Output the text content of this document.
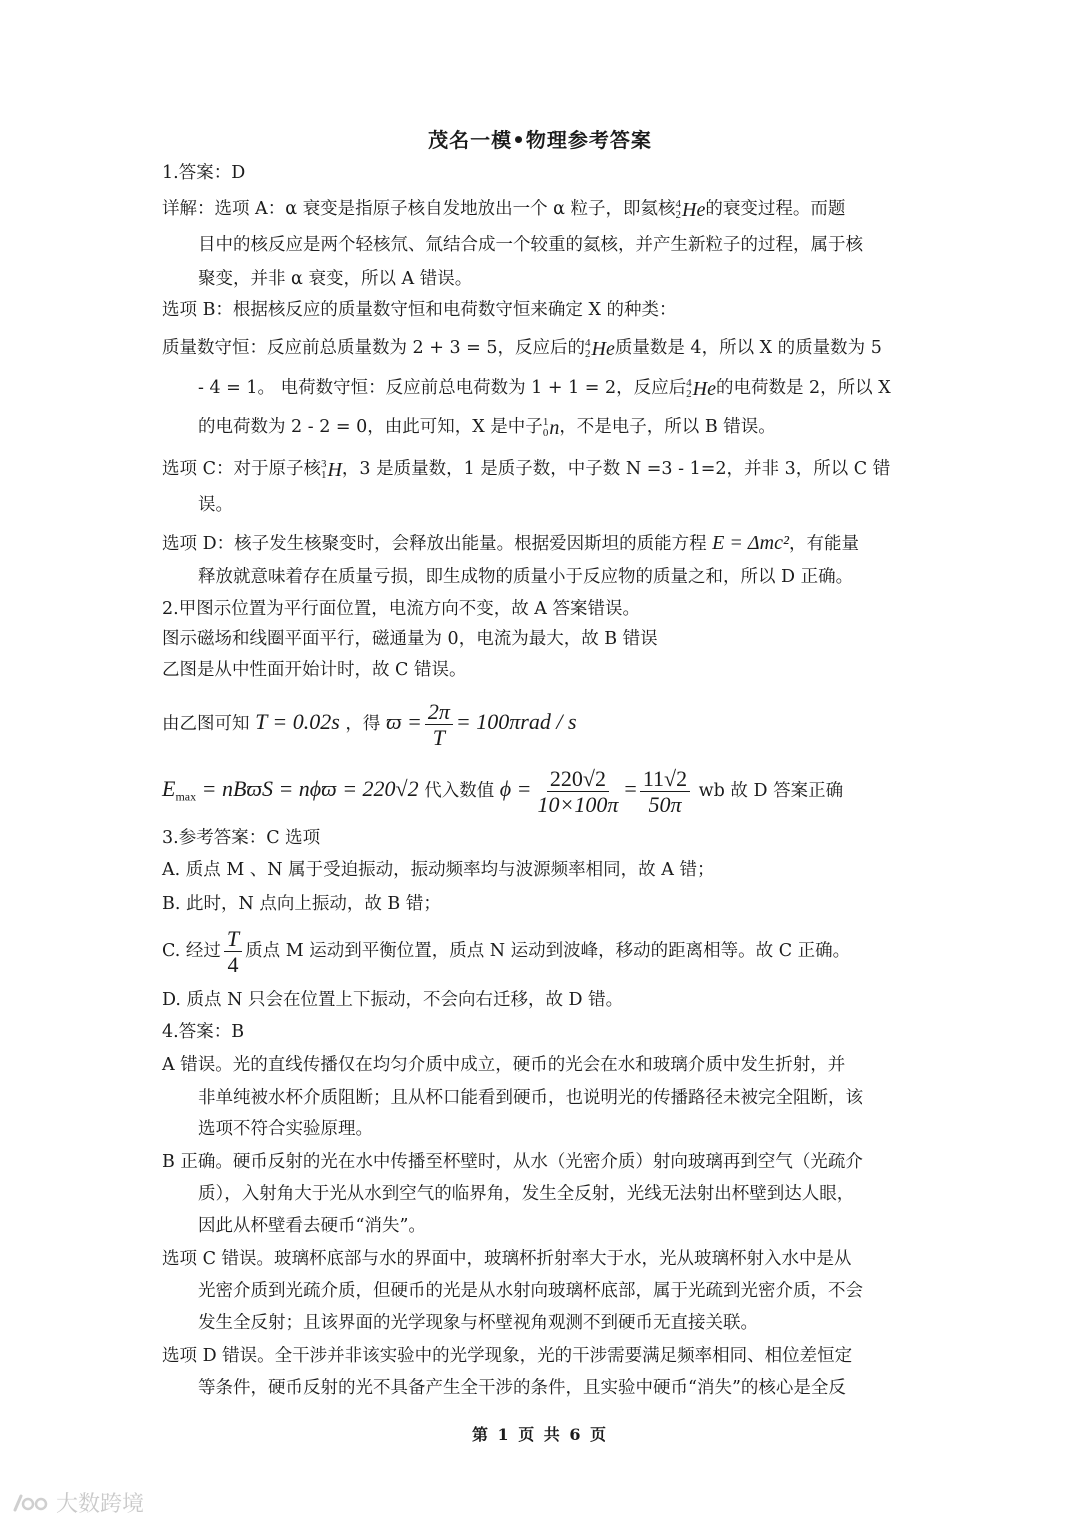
茂名一模•物理参考答案
1.答案：D
详解：选项 A：α 衰变是指原子核自发地放出一个 α 粒子，即氦核 4
2 He 的衰变过程。而题
目中的核反应是两个轻核氘、氚结合成一个较重的氦核，并产生新粒子的过程，属于核
聚变，并非 α 衰变，所以 A 错误。
选项 B：根据核反应的质量数守恒和电荷数守恒来确定 X 的种类：
质量数守恒：反应前总质量数为 2 + 3 = 5，反应后的 4
2 He 质量数是 4，所以 X 的质量数为 5
- 4 = 1。 电荷数守恒：反应前总电荷数为 1 + 1 = 2，反应后 4
2 He 的电荷数是 2，所以 X
的电荷数为 2 - 2 = 0，由此可知，X 是中子 1
0 n ，不是电子，所以 B 错误。
选项 C：对于原子核 3
1 H ，3 是质量数，1 是质子数，中子数 N =3 - 1=2，并非 3，所以 C 错
误。
选项 D：核子发生核聚变时，会释放出能量。根据爱因斯坦的质能方程 E = Δmc²，有能量
释放就意味着存在质量亏损，即生成物的质量小于反应物的质量之和，所以 D 正确。
2.甲图示位置为平行面位置，电流方向不变，故 A 答案错误。
图示磁场和线圈平面平行，磁通量为 0，电流为最大，故 B 错误
乙图是从中性面开始计时，故 C 错误。
由乙图可知 T = 0.02s ，得 $ϖ = \frac{2\pi}{T} = 100\pi rad / s$
$E_{max} = nBϖS = n\phi ϖ = 220√2$ 代入数值 $\phi = \frac{220√2}{10\times 100\pi} = \frac{11√2}{50\pi}$ wb 故 D 答案正确
3.参考答案：C 选项
A. 质点 M 、N 属于受迫振动，振动频率均与波源频率相同，故 A 错；
B. 此时，N 点向上振动，故 B 错；
C. 经过 $\frac{T}{4}$ 质点 M 运动到平衡位置，质点 N 运动到波峰，移动的距离相等。故 C 正确。
D. 质点 N 只会在位置上下振动，不会向右迁移，故 D 错。
4.答案：B
A 错误。光的直线传播仅在均匀介质中成立，硬币的光会在水和玻璃介质中发生折射，并
非单纯被水杯介质阻断；且从杯口能看到硬币，也说明光的传播路径未被完全阻断，该
选项不符合实验原理。
B 正确。硬币反射的光在水中传播至杯壁时，从水（光密介质）射向玻璃再到空气（光疏介
质），入射角大于光从水到空气的临界角，发生全反射，光线无法射出杯壁到达人眼，
因此从杯壁看去硬币“消失”。
选项 C 错误。玻璃杯底部与水的界面中，玻璃杯折射率大于水，光从玻璃杯射入水中是从
光密介质到光疏介质，但硬币的光是从水射向玻璃杯底部，属于光疏到光密介质，不会
发生全反射；且该界面的光学现象与杯壁视角观测不到硬币无直接关联。
选项 D 错误。全干涉并非该实验中的光学现象，光的干涉需要满足频率相同、相位差恒定
等条件，硬币反射的光不具备产生全干涉的条件，且实验中硬币“消失”的核心是全反
第 1 页 共 6 页
大数跨境
